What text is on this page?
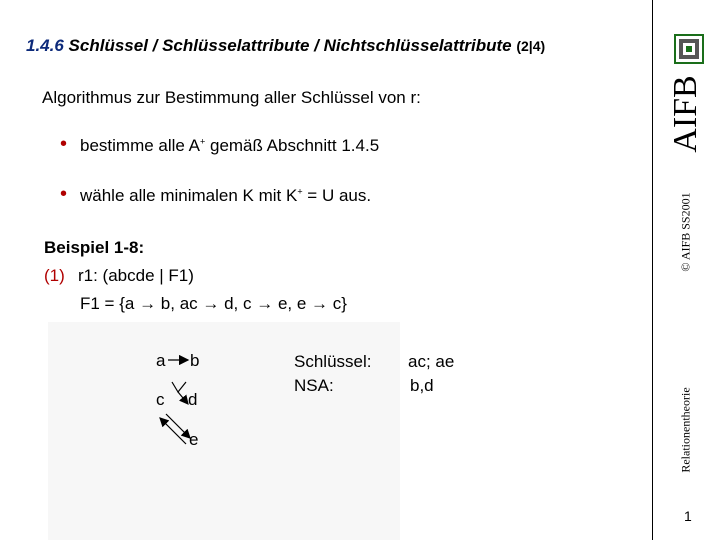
1.4.6 Schlüssel / Schlüsselattribute / Nichtschlüsselattribute (2|4)
Algorithmus zur Bestimmung aller Schlüssel von r:
• bestimme alle A+ gemäß Abschnitt 1.4.5
• wähle alle minimalen K mit K+ = U aus.
Beispiel 1-8:
(1) r1: (abcde | F1)
F1 = {a → b, ac → d, c → e, e → c}
a b
c d
e
Schlüssel: ac; ae
NSA:	b,d
AIFB
© AIFB SS2001
Relationentheorie
1
